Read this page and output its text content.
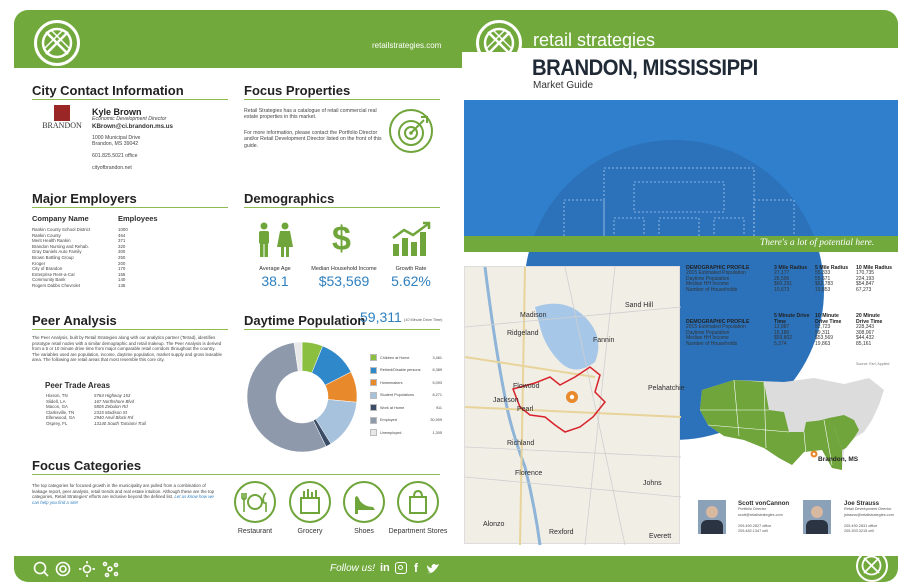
retailstrategies.com	retail strategies
BRANDON, MISSISSIPPI
Market Guide
City Contact Information
BRANDON
Kyle Brown
Economic Development Director
KBrown@ci.brandon.ms.us
1000 Municipal Drive
Brandon, MS 39042
601.825.5021 office
cityofbrandon.net
Focus Properties
Retail Strategies has a catalogue of retail commercial real estate properties in this market.
For more information, please contact the Portfolio Director and/or Retail Development Director listed on the front of this guide.
Major Employers
Company Name	Employees
Rankin County School District	1000
Rankin County	464
Merit Health Rankin	371
Brandon Nursing and Rehab.	320
Gray Daniels Auto Family	300
Brown Bottling Group	250
Kroger	200
City of Brandon	170
Enterprise Rent-a-Car	155
Community Bank	140
Rogers Dabbs Chevrolet	135
Demographics
$
Average Age
38.1
Median Household Income
$53,569
Growth Rate
5.62%
Peer Analysis
The Peer Analysis, built by Retail Strategies along with our analytics partner (Tetrad), identifies prototype retail nodes with a similar demographic and retail makeup. The Peer Analysis is derived from a 5 or 10 minute drive time from major comparable retail corridors throughout the country. The variables used are population, income, daytime population, market supply and gross leasable area. The following are retail areas that most resemble this core city.
Peer Trade Areas
Hixson, TN	5764 Highway 153
Slidell, LA	167 Northshore Blvd
Macon, GA	5805 Zebulon Rd
Clarksville, TN	2315 Madison St
Ellenwood, GA	2940 Anvil Block Rd
Osprey, FL	13140 South Tamiami Trail
Daytime Population
59,311 (10 Minute Drive Time)
Children at Home	3,461
Retired/Disable persons	6,389
Homemakers	5,093
Student Populations	8,271
Work at Home	911
Employed	30,909
Unemployed	1,305
Focus Categories
The top categories for focused growth in the municipality are pulled from a combination of leakage report, peer analysis, retail trends and real estate intuition. Although these are the top categories, Retail Strategies' efforts are inclusive beyond the defined list. Let us know how we can help you find a site!
Restaurant	Grocery	Shoes	Department Stores
There's a lot of potential here.
Madison
Sand Hill
Ridgeland
Fannin
Flowood	Pelahatchie
Jackson
Pearl
Richland
Florence
Johns
Alonzo
Rexford
Everett
DEMOGRAPHIC PROFILE	3 Mile Radius	5 Mile Radius	10 Mile Radius
2015 Estimated Population	27,177	55,333	170,735
Daytime Population	26,596	55,671	224,193
Median HH Income	$60,291	$62,783	$54,847
Number of Households	10,673	19,853	67,273
DEMOGRAPHIC PROFILE	5 Minute Drive Time	10 Minute Drive Time	20 Minute Drive Time
2015 Estimated Population	12,887	52,723	228,343
Daytime Population	16,180	59,311	308,067
Median HH Income	$59,802	$53,569	$44,432
Number of Households	5,374	19,863	85,161
Source: Esri, Applied
Brandon, MS
Scott vonCannon
Portfolio Director
scott@retailstrategies.com
205.490.2827 office
205.482.1347 cell
Joe Strauss
Retail Development Director
jstrauss@retailstrategies.com
205.490.2831 office
205.393.3215 cell
Follow us! in f
